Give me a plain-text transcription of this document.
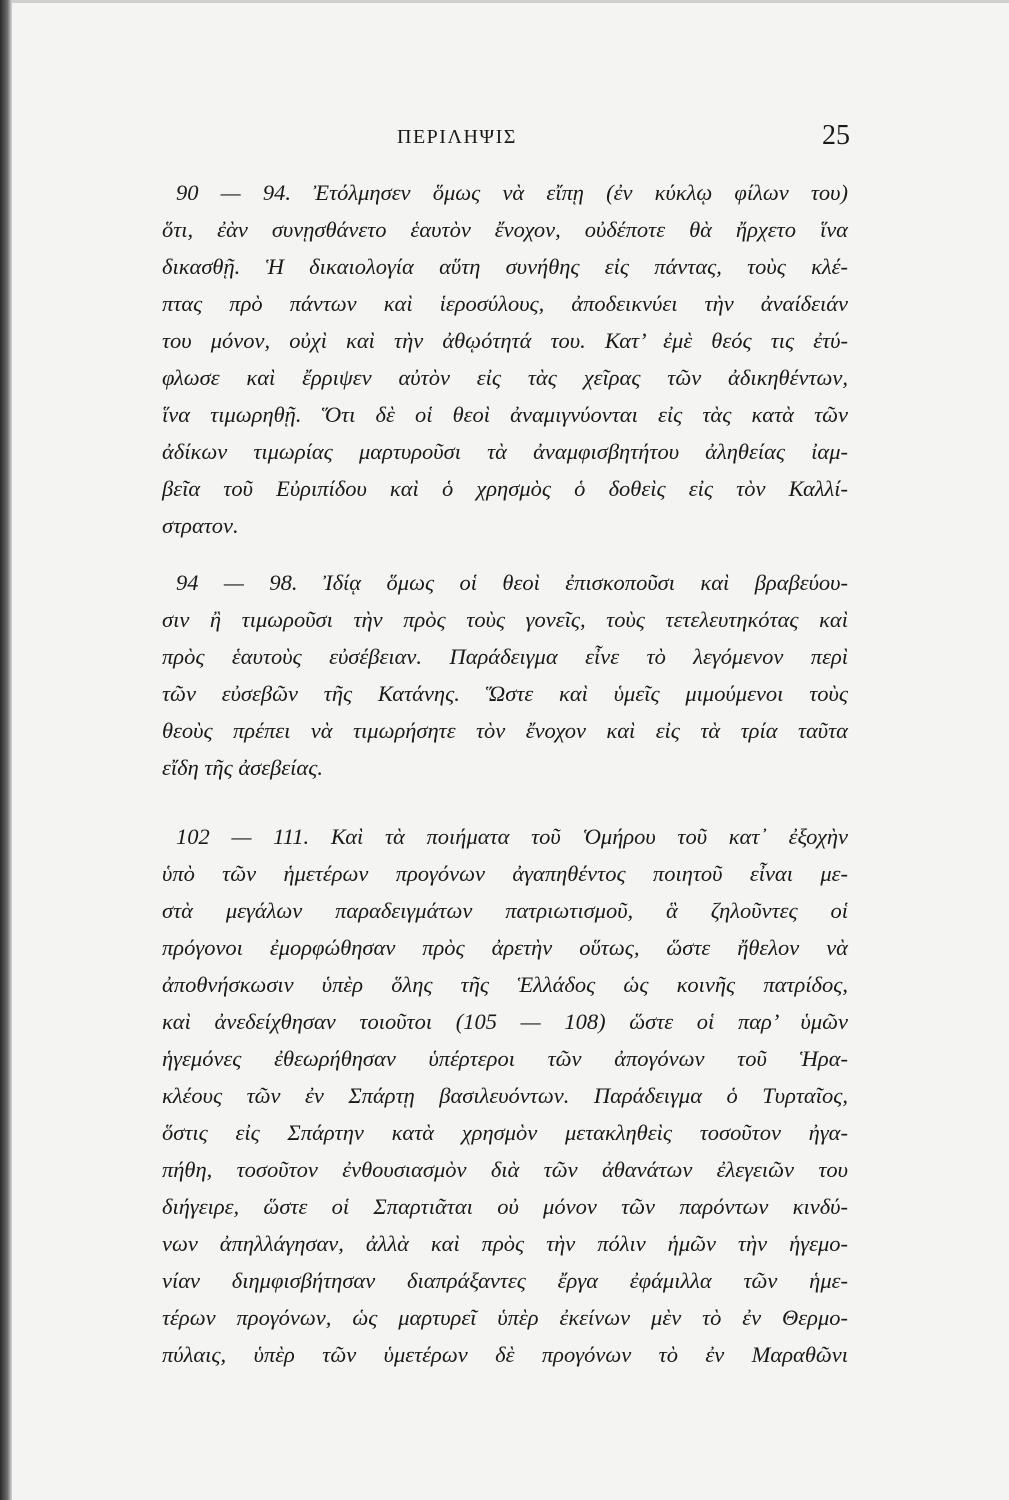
ΠΕΡΙΛΗΨΙΣ	25

90 — 94. Ἐτόλμησεν ὅμως νὰ εἴπῃ (ἐν κύκλῳ φίλων του)
ὅτι, ἐὰν συνῃσθάνετο ἑαυτὸν ἔνοχον, οὐδέποτε θὰ ἤρχετο ἵνα
δικασθῇ. Ἡ δικαιολογία αὕτη συνήθης εἰς πάντας, τοὺς κλέ-
πτας πρὸ πάντων καὶ ἱεροσύλους, ἀποδεικνύει τὴν ἀναίδειάν
του μόνον, οὐχὶ καὶ τὴν ἀθῳότητά του. Κατ’ ἐμὲ θεός τις ἐτύ-
φλωσε καὶ ἔρριψεν αὐτὸν εἰς τὰς χεῖρας τῶν ἀδικηθέντων,
ἵνα τιμωρηθῇ. Ὅτι δὲ οἱ θεοὶ ἀναμιγνύονται εἰς τὰς κατὰ τῶν
ἀδίκων τιμωρίας μαρτυροῦσι τὰ ἀναμφισβητήτου ἀληθείας ἰαμ-
βεῖα τοῦ Εὐριπίδου καὶ ὁ χρησμὸς ὁ δοθεὶς εἰς τὸν Καλλί-
στρατον.

94 — 98. Ἰδίᾳ ὅμως οἱ θεοὶ ἐπισκοποῦσι καὶ βραβεύου-
σιν ἢ τιμωροῦσι τὴν πρὸς τοὺς γονεῖς, τοὺς τετελευτηκότας καὶ
πρὸς ἑαυτοὺς εὐσέβειαν. Παράδειγμα εἶνε τὸ λεγόμενον περὶ
τῶν εὐσεβῶν τῆς Κατάνης. Ὥστε καὶ ὑμεῖς μιμούμενοι τοὺς
θεοὺς πρέπει νὰ τιμωρήσητε τὸν ἔνοχον καὶ εἰς τὰ τρία ταῦτα
εἴδη τῆς ἀσεβείας.

102 — 111. Καὶ τὰ ποιήματα τοῦ Ὁμήρου τοῦ κατ᾽ ἐξοχὴν
ὑπὸ τῶν ἡμετέρων προγόνων ἀγαπηθέντος ποιητοῦ εἶναι με-
στὰ μεγάλων παραδειγμάτων πατριωτισμοῦ, ἃ ζηλοῦντες οἱ
πρόγονοι ἐμορφώθησαν πρὸς ἀρετὴν οὕτως, ὥστε ἤθελον νὰ
ἀποθνήσκωσιν ὑπὲρ ὅλης τῆς Ἑλλάδος ὡς κοινῆς πατρίδος,
καὶ ἀνεδείχθησαν τοιοῦτοι (105 — 108) ὥστε οἱ παρ’ ὑμῶν
ἡγεμόνες ἐθεωρήθησαν ὑπέρτεροι τῶν ἀπογόνων τοῦ Ἡρα-
κλέους τῶν ἐν Σπάρτῃ βασιλευόντων. Παράδειγμα ὁ Τυρταῖος,
ὅστις εἰς Σπάρτην κατὰ χρησμὸν μετακληθεὶς τοσοῦτον ἠγα-
πήθη, τοσοῦτον ἐνθουσιασμὸν διὰ τῶν ἀθανάτων ἐλεγειῶν του
διήγειρε, ὥστε οἱ Σπαρτιᾶται οὐ μόνον τῶν παρόντων κινδύ-
νων ἀπηλλάγησαν, ἀλλὰ καὶ πρὸς τὴν πόλιν ἡμῶν τὴν ἡγεμο-
νίαν διημφισβήτησαν διαπράξαντες ἔργα ἐφάμιλλα τῶν ἡμε-
τέρων προγόνων, ὡς μαρτυρεῖ ὑπὲρ ἐκείνων μὲν τὸ ἐν Θερμο-
πύλαις, ὑπὲρ τῶν ὑμετέρων δὲ προγόνων τὸ ἐν Μαραθῶνι
